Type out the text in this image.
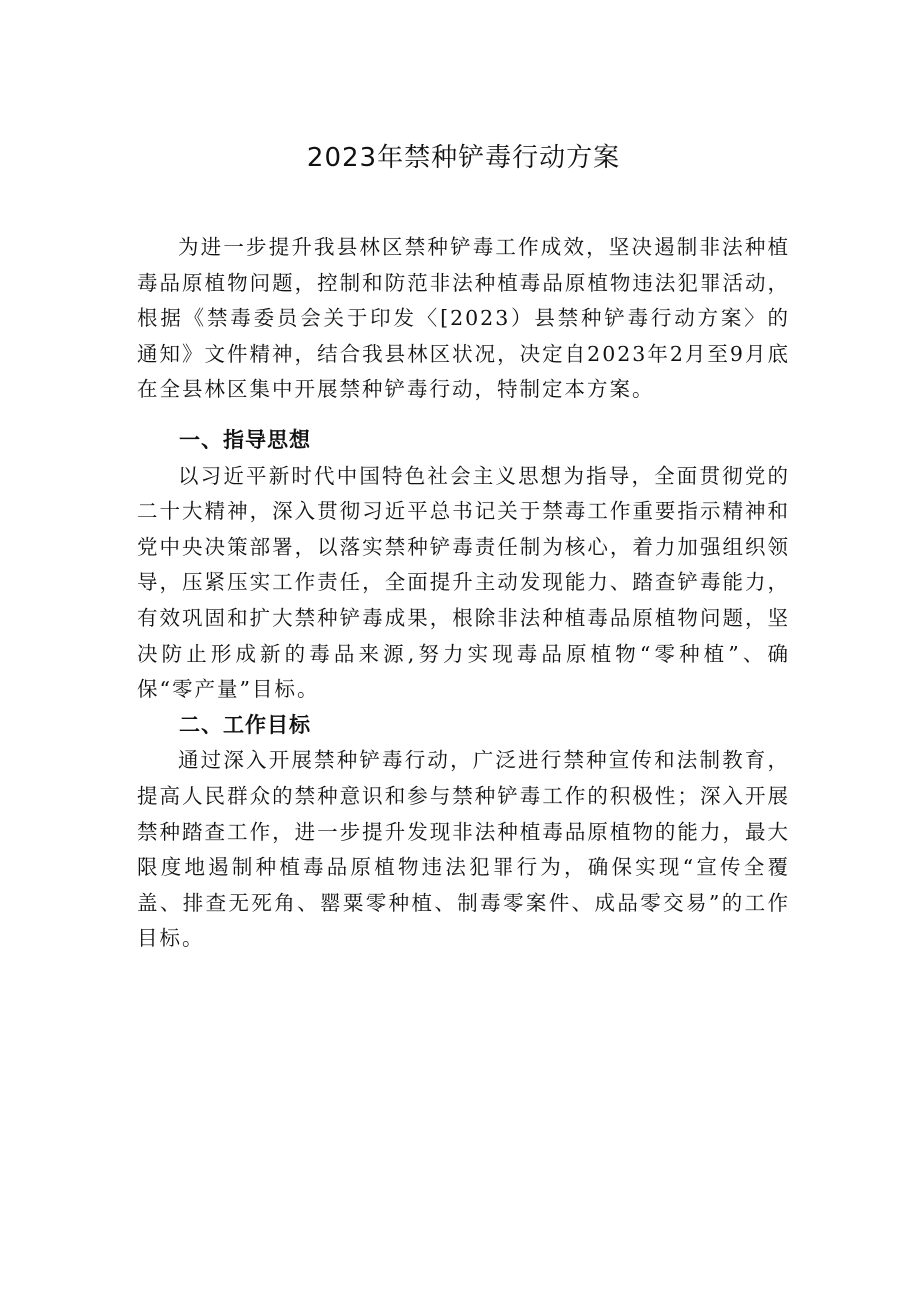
2023年禁种铲毒行动方案

为进一步提升我县林区禁种铲毒工作成效，坚决遏制非法种植毒品原植物问题，控制和防范非法种植毒品原植物违法犯罪活动，根据《禁毒委员会关于印发〈[2023）县禁种铲毒行动方案〉的通知》文件精神，结合我县林区状况，决定自2023年2月至9月底在全县林区集中开展禁种铲毒行动，特制定本方案。

一、指导思想

以习近平新时代中国特色社会主义思想为指导，全面贯彻党的二十大精神，深入贯彻习近平总书记关于禁毒工作重要指示精神和党中央决策部署，以落实禁种铲毒责任制为核心，着力加强组织领导，压紧压实工作责任，全面提升主动发现能力、踏查铲毒能力，有效巩固和扩大禁种铲毒成果，根除非法种植毒品原植物问题，坚决防止形成新的毒品来源,努力实现毒品原植物“零种植”、确保“零产量”目标。

二、工作目标

通过深入开展禁种铲毒行动，广泛进行禁种宣传和法制教育，提高人民群众的禁种意识和参与禁种铲毒工作的积极性；深入开展禁种踏查工作，进一步提升发现非法种植毒品原植物的能力，最大限度地遏制种植毒品原植物违法犯罪行为，确保实现“宣传全覆盖、排查无死角、罂粟零种植、制毒零案件、成品零交易”的工作目标。
